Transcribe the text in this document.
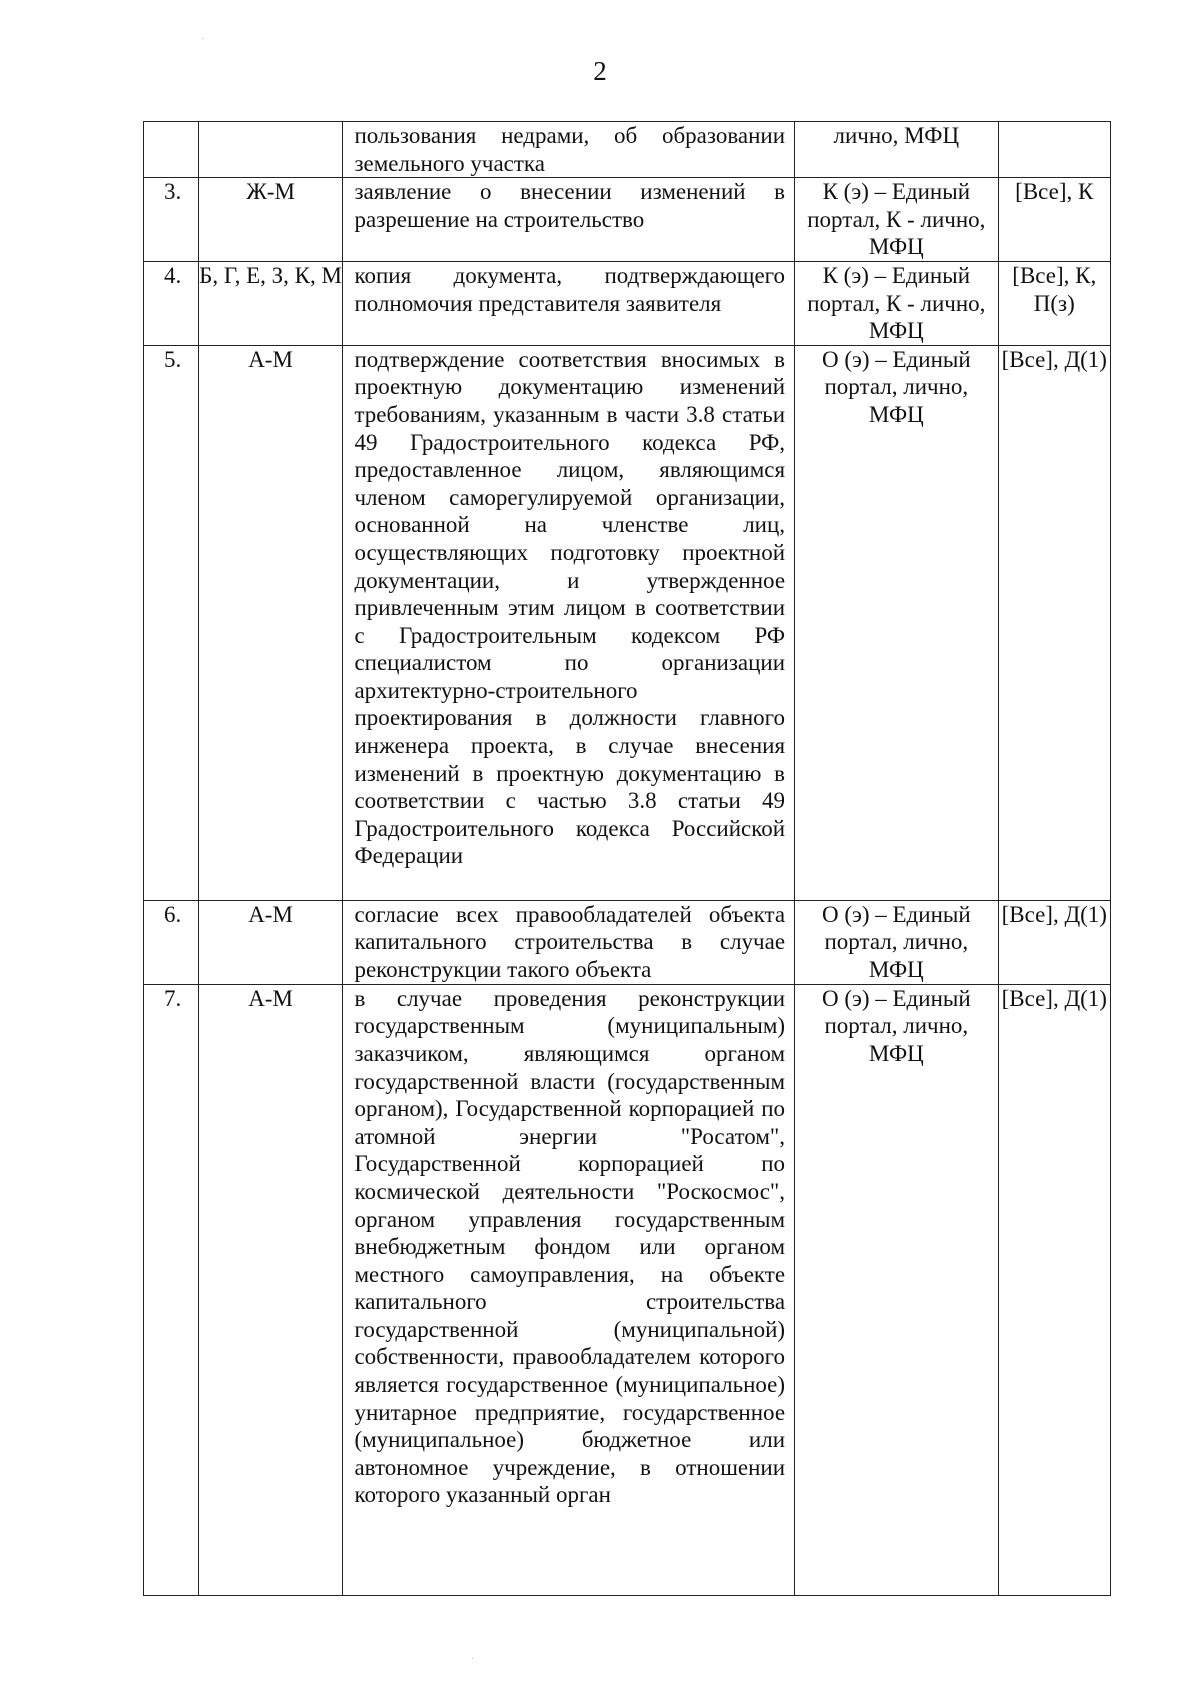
2
		пользования недрами, об образовании земельного участка	лично, МФЦ	
3.	Ж-М	заявление о внесении изменений в разрешение на строительство	К (э) – Единый портал, К - лично, МФЦ	[Все], К
4.	Б, Г, Е, З, К, М	копия документа, подтверждающего полномочия представителя заявителя	К (э) – Единый портал, К - лично, МФЦ	[Все], К, П(з)
5.	А-М	подтверждение соответствия вносимых в проектную документацию изменений требованиям, указанным в части 3.8 статьи 49 Градостроительного кодекса РФ, предоставленное лицом, являющимся членом саморегулируемой организации, основанной на членстве лиц, осуществляющих подготовку проектной документации, и утвержденное привлеченным этим лицом в соответствии с Градостроительным кодексом РФ специалистом по организации архитектурно-строительного проектирования в должности главного инженера проекта, в случае внесения изменений в проектную документацию в соответствии с частью 3.8 статьи 49 Градостроительного кодекса Российской Федерации	О (э) – Единый портал, лично, МФЦ	[Все], Д(1)
6.	А-М	согласие всех правообладателей объекта капитального строительства в случае реконструкции такого объекта	О (э) – Единый портал, лично, МФЦ	[Все], Д(1)
7.	А-М	в случае проведения реконструкции государственным (муниципальным) заказчиком, являющимся органом государственной власти (государственным органом), Государственной корпорацией по атомной энергии "Росатом", Государственной корпорацией по космической деятельности "Роскосмос", органом управления государственным внебюджетным фондом или органом местного самоуправления, на объекте капитального строительства государственной (муниципальной) собственности, правообладателем которого является государственное (муниципальное) унитарное предприятие, государственное (муниципальное) бюджетное или автономное учреждение, в отношении которого указанный орган	О (э) – Единый портал, лично, МФЦ	[Все], Д(1)
